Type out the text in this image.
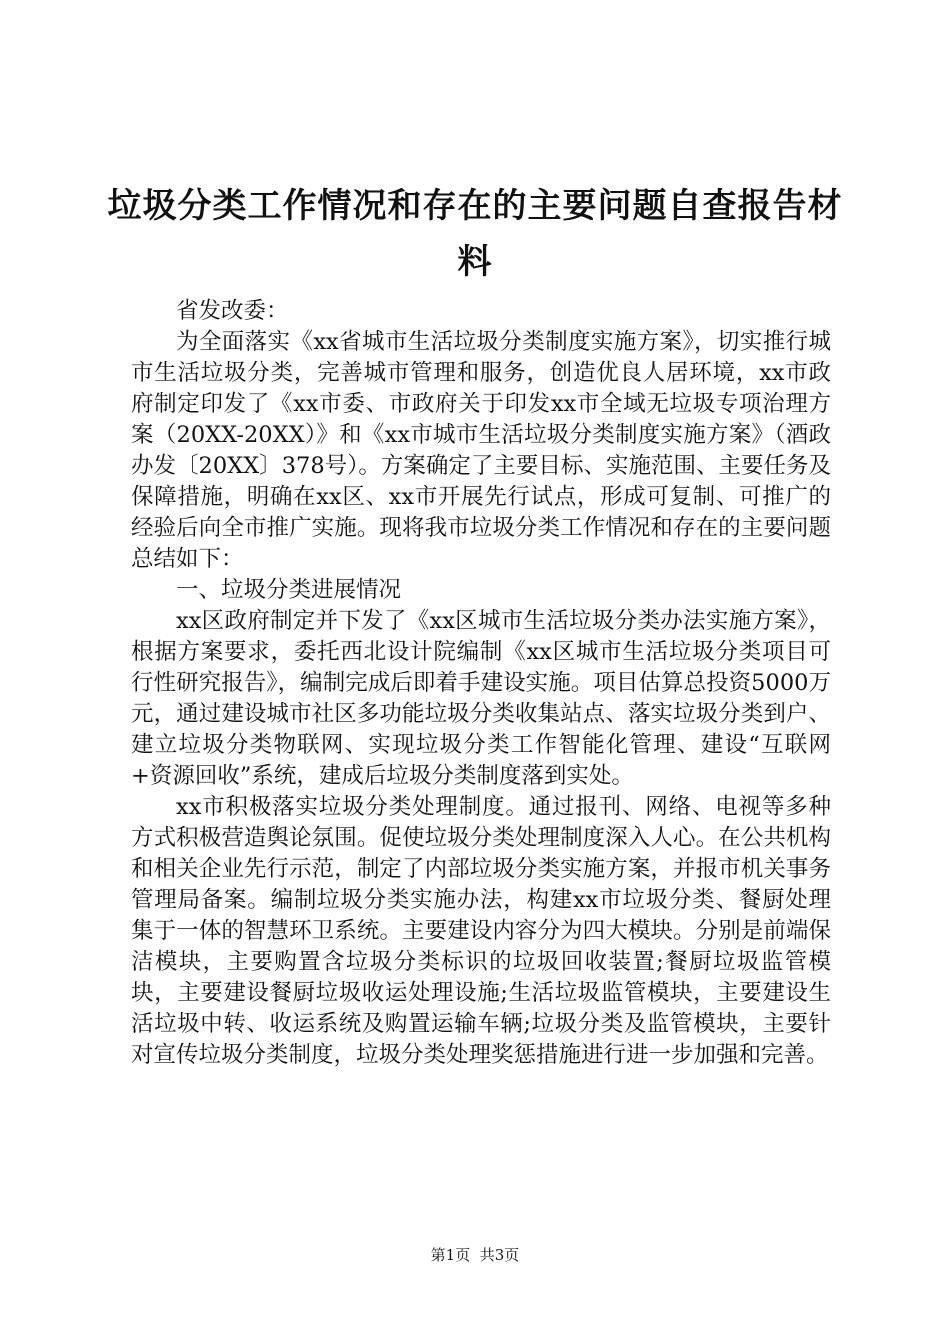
垃圾分类工作情况和存在的主要问题自查报告材料

省发改委：

为全面落实《xx省城市生活垃圾分类制度实施方案》，切实推行城市生活垃圾分类，完善城市管理和服务，创造优良人居环境，xx市政府制定印发了《xx市委、市政府关于印发xx市全域无垃圾专项治理方案（20XX-20XX）》和《xx市城市生活垃圾分类制度实施方案》（酒政办发〔20XX〕378号）。方案确定了主要目标、实施范围、主要任务及保障措施，明确在xx区、xx市开展先行试点，形成可复制、可推广的经验后向全市推广实施。现将我市垃圾分类工作情况和存在的主要问题总结如下：

一、垃圾分类进展情况

xx区政府制定并下发了《xx区城市生活垃圾分类办法实施方案》，根据方案要求，委托西北设计院编制《xx区城市生活垃圾分类项目可行性研究报告》，编制完成后即着手建设实施。项目估算总投资5000万元，通过建设城市社区多功能垃圾分类收集站点、落实垃圾分类到户、建立垃圾分类物联网、实现垃圾分类工作智能化管理、建设“互联网+资源回收”系统，建成后垃圾分类制度落到实处。

xx市积极落实垃圾分类处理制度。通过报刊、网络、电视等多种方式积极营造舆论氛围。促使垃圾分类处理制度深入人心。在公共机构和相关企业先行示范，制定了内部垃圾分类实施方案，并报市机关事务管理局备案。编制垃圾分类实施办法，构建xx市垃圾分类、餐厨处理集于一体的智慧环卫系统。主要建设内容分为四大模块。分别是前端保洁模块，主要购置含垃圾分类标识的垃圾回收装置;餐厨垃圾监管模块，主要建设餐厨垃圾收运处理设施;生活垃圾监管模块，主要建设生活垃圾中转、收运系统及购置运输车辆;垃圾分类及监管模块，主要针对宣传垃圾分类制度，垃圾分类处理奖惩措施进行进一步加强和完善。

第1页 共3页
